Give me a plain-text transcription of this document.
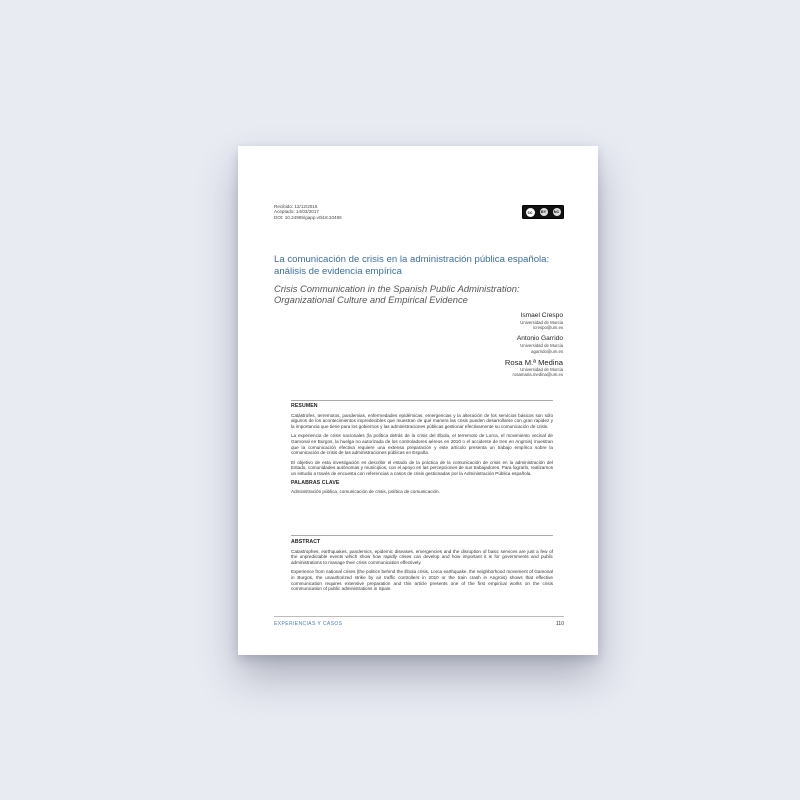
Recibido: 12/12/2016
Aceptado: 14/03/2017
DOI: 10.24965/gapp.v0i18.10465
cc	BY	NC
La comunicación de crisis en la administración pública española: análisis de evidencia empírica
Crisis Communication in the Spanish Public Administration: Organizational Culture and Empirical Evidence
Ismael Crespo
Universidad de Murcia
icrespo@um.es
Antonio Garrido
Universidad de Murcia
agarrido@um.es
Rosa M.ª Medina
Universidad de Murcia
rosamaria.medina@um.es
RESUMEN
Catástrofes, terremotos, pandemias, enfermedades epidémicas, emergencias y la alteración de los servicios básicos son sólo algunos de los acontecimientos impredecibles que muestran de qué manera las crisis pueden desarrollarse con gran rapidez y la importancia que tiene para los gobiernos y las administraciones públicas gestionar efectivamente su comunicación de crisis.
La experiencia de crisis nacionales (la política detrás de la crisis del Ébola, el terremoto de Lorca, el movimiento vecinal de Gamonal en Burgos, la huelga no autorizada de los controladores aéreos en 2010 o el accidente de tren en Angrois) muestran que la comunicación efectiva requiere una extensa preparación y este artículo presenta un trabajo empírico sobre la comunicación de crisis de las administraciones públicas en España.
El objetivo de esta investigación es describir el estado de la práctica de la comunicación de crisis en la administración del Estado, comunidades autónomas y municipios, con el apoyo en las percepciones de sus trabajadores. Para lograrlo, realizamos un estudio a través de encuesta con referencias a casos de crisis gestionadas por la Administración Pública española.
PALABRAS CLAVE
Administración pública, comunicación de crisis, política de comunicación.
ABSTRACT
Catastrophes, earthquakes, pandemics, epidemic diseases, emergencies and the disruption of basic services are just a few of the unpredictable events which show how rapidly crises can develop and how important it is for governments and public administrations to manage their crisis communication effectively.
Experience from national crises (the politics behind the Ébola crisis, Lorca earthquake, the neighborhood movement of Gamonal in Burgos, the unauthorized strike by air traffic controllers in 2010 or the train crash in Angrois) shows that effective communication requires extensive preparation and this article presents one of the first empirical works on the crisis communication of public administrations in Spain.
EXPERIENCIAS Y CASOS	110
